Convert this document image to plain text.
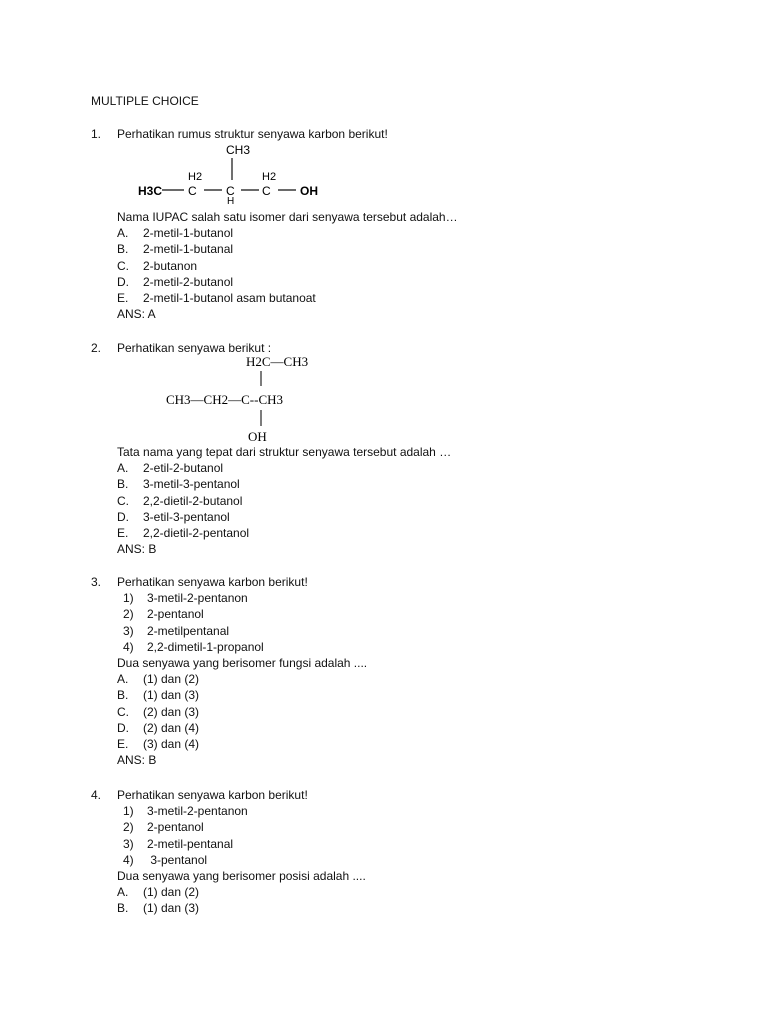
MULTIPLE CHOICE
1.	Perhatikan rumus struktur senyawa karbon berikut!
CH3
H2	H2
H3C C C
H
C OH
Nama IUPAC salah satu isomer dari senyawa tersebut adalah…
A.	2-metil-1-butanol
B.	2-metil-1-butanal
C.	2-butanon
D.	2-metil-2-butanol
E.	2-metil-1-butanol asam butanoat
ANS: A
2.	Perhatikan senyawa berikut :
H2C—CH3
CH3—CH2—C--CH3
OH
Tata nama yang tepat dari struktur senyawa tersebut adalah …
A.	2-etil-2-butanol
B.	3-metil-3-pentanol
C.	2,2-dietil-2-butanol
D.	3-etil-3-pentanol
E.	2,2-dietil-2-pentanol
ANS: B
3.	Perhatikan senyawa karbon berikut!
1)	3-metil-2-pentanon
2)	2-pentanol
3)	2-metilpentanal
4)	2,2-dimetil-1-propanol
Dua senyawa yang berisomer fungsi adalah ....
A.	(1) dan (2)
B.	(1) dan (3)
C.	(2) dan (3)
D.	(2) dan (4)
E.	(3) dan (4)
ANS: B
4.	Perhatikan senyawa karbon berikut!
1)	3-metil-2-pentanon
2)	2-pentanol
3)	2-metil-pentanal
4)	3-pentanol
Dua senyawa yang berisomer posisi adalah ....
A.	(1) dan (2)
B.	(1) dan (3)
